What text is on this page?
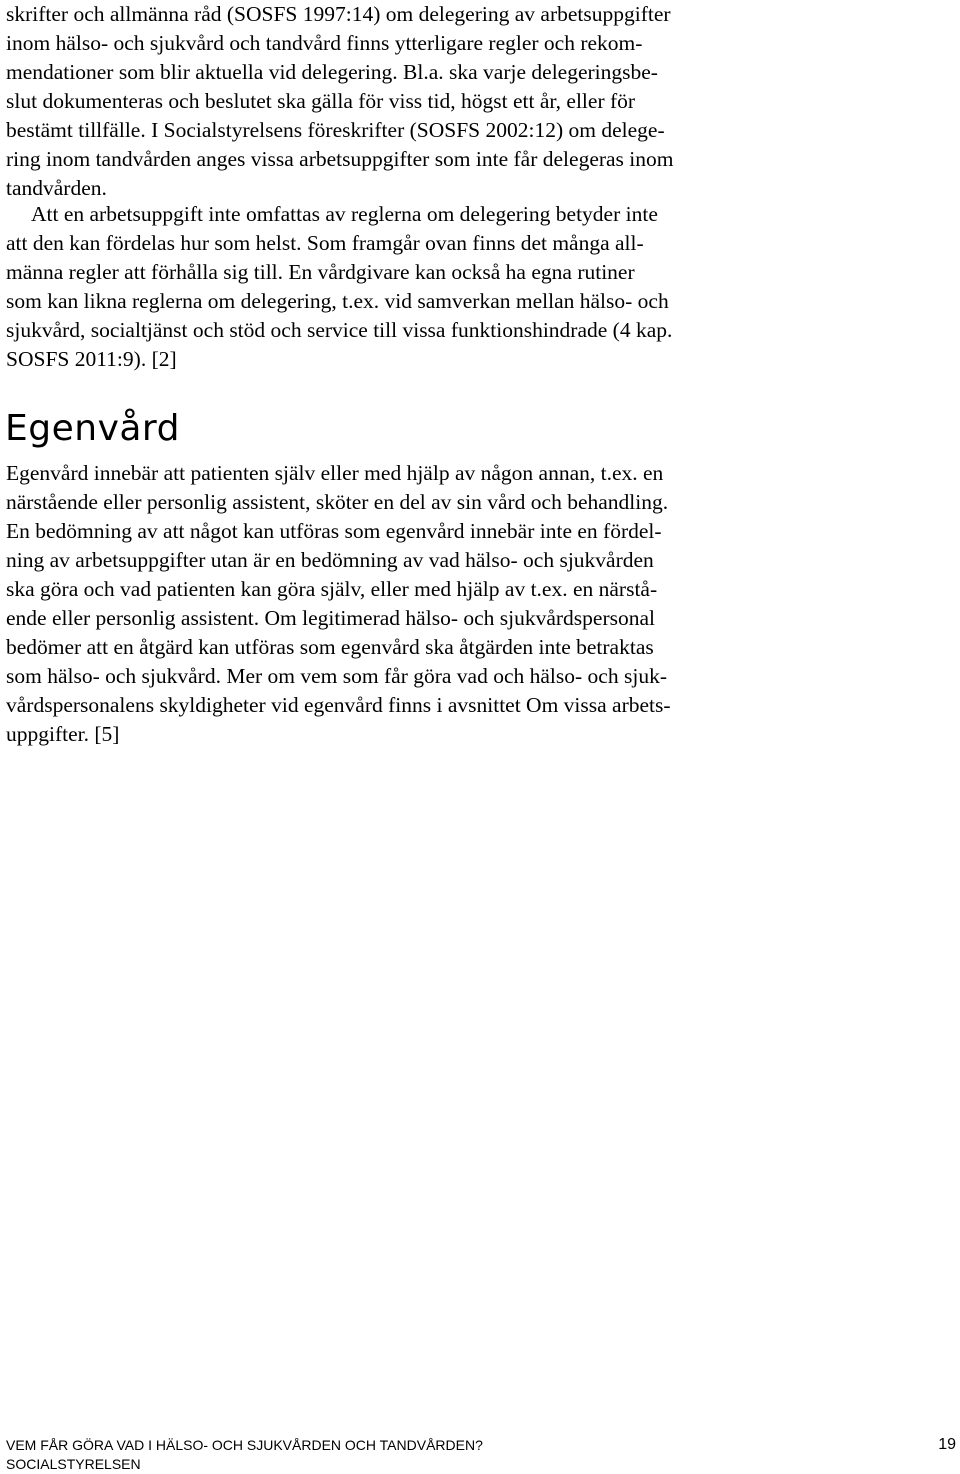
skrifter och allmänna råd (SOSFS 1997:14) om delegering av arbetsuppgifter
inom hälso- och sjukvård och tandvård finns ytterligare regler och rekom-
mendationer som blir aktuella vid delegering. Bl.a. ska varje delegeringsbe-
slut dokumenteras och beslutet ska gälla för viss tid, högst ett år, eller för
bestämt tillfälle. I Socialstyrelsens föreskrifter (SOSFS 2002:12) om delege-
ring inom tandvården anges vissa arbetsuppgifter som inte får delegeras inom
tandvården.
Att en arbetsuppgift inte omfattas av reglerna om delegering betyder inte
att den kan fördelas hur som helst. Som framgår ovan finns det många all-
männa regler att förhålla sig till. En vårdgivare kan också ha egna rutiner
som kan likna reglerna om delegering, t.ex. vid samverkan mellan hälso- och
sjukvård, socialtjänst och stöd och service till vissa funktionshindrade (4 kap.
SOSFS 2011:9). [2]
Egenvård
Egenvård innebär att patienten själv eller med hjälp av någon annan, t.ex. en
närstående eller personlig assistent, sköter en del av sin vård och behandling.
En bedömning av att något kan utföras som egenvård innebär inte en fördel-
ning av arbetsuppgifter utan är en bedömning av vad hälso- och sjukvården
ska göra och vad patienten kan göra själv, eller med hjälp av t.ex. en närstå-
ende eller personlig assistent. Om legitimerad hälso- och sjukvårdspersonal
bedömer att en åtgärd kan utföras som egenvård ska åtgärden inte betraktas
som hälso- och sjukvård. Mer om vem som får göra vad och hälso- och sjuk-
vårdspersonalens skyldigheter vid egenvård finns i avsnittet Om vissa arbets-
uppgifter. [5]
VEM FÅR GÖRA VAD I HÄLSO- OCH SJUKVÅRDEN OCH TANDVÅRDEN?
SOCIALSTYRELSEN
19
